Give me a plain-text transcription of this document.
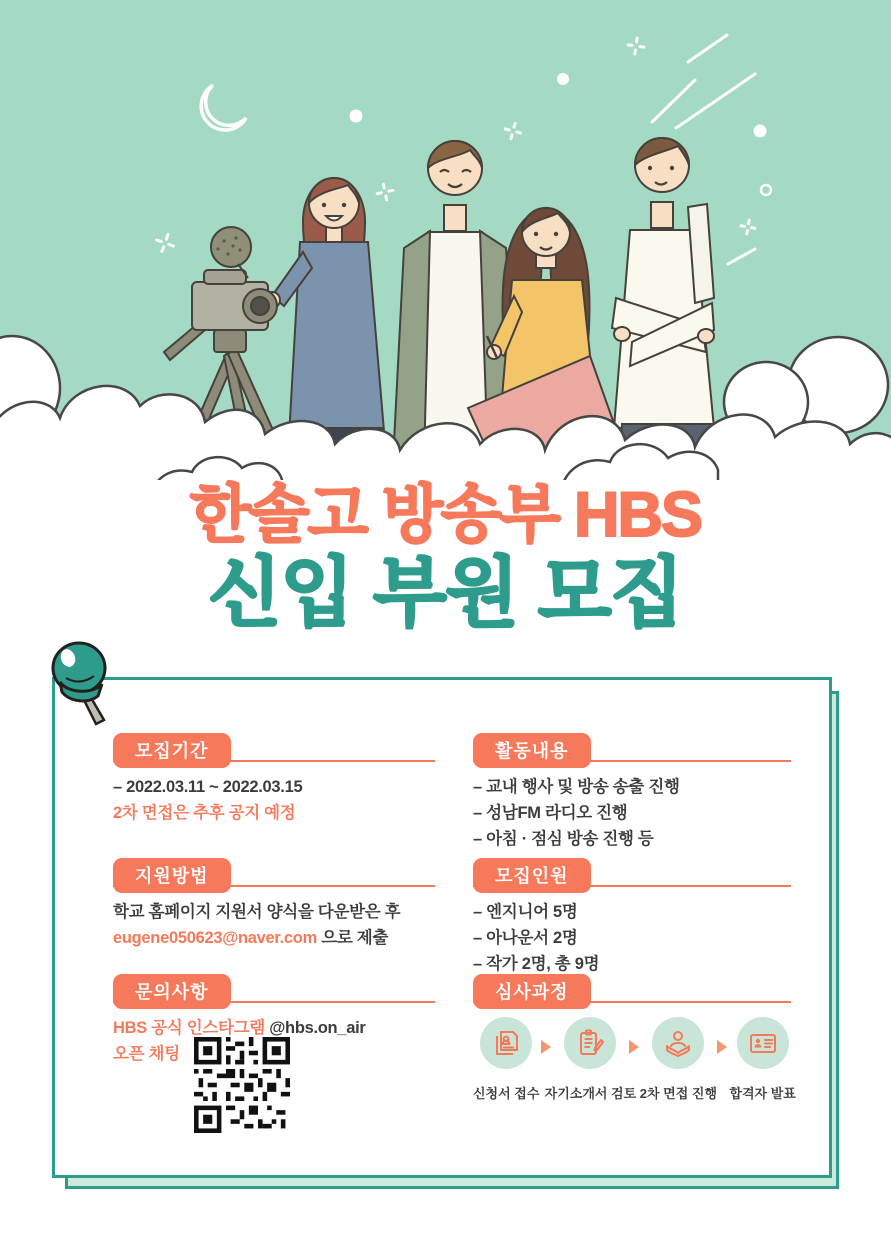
한솔고 방송부 HBS
신입 부원 모집
모집기간
– 2022.03.11 ~ 2022.03.15
2차 면접은 추후 공지 예정
활동내용
– 교내 행사 및 방송 송출 진행
– 성남FM 라디오 진행
– 아침 · 점심 방송 진행 등
지원방법
학교 홈페이지 지원서 양식을 다운받은 후
eugene050623@naver.com 으로 제출
모집인원
– 엔지니어 5명
– 아나운서 2명
– 작가 2명, 총 9명
문의사항
HBS 공식 인스타그램 @hbs.on_air
오픈 채팅
심사과정
신청서 접수 자기소개서 검토 2차 면접 진행 합격자 발표
